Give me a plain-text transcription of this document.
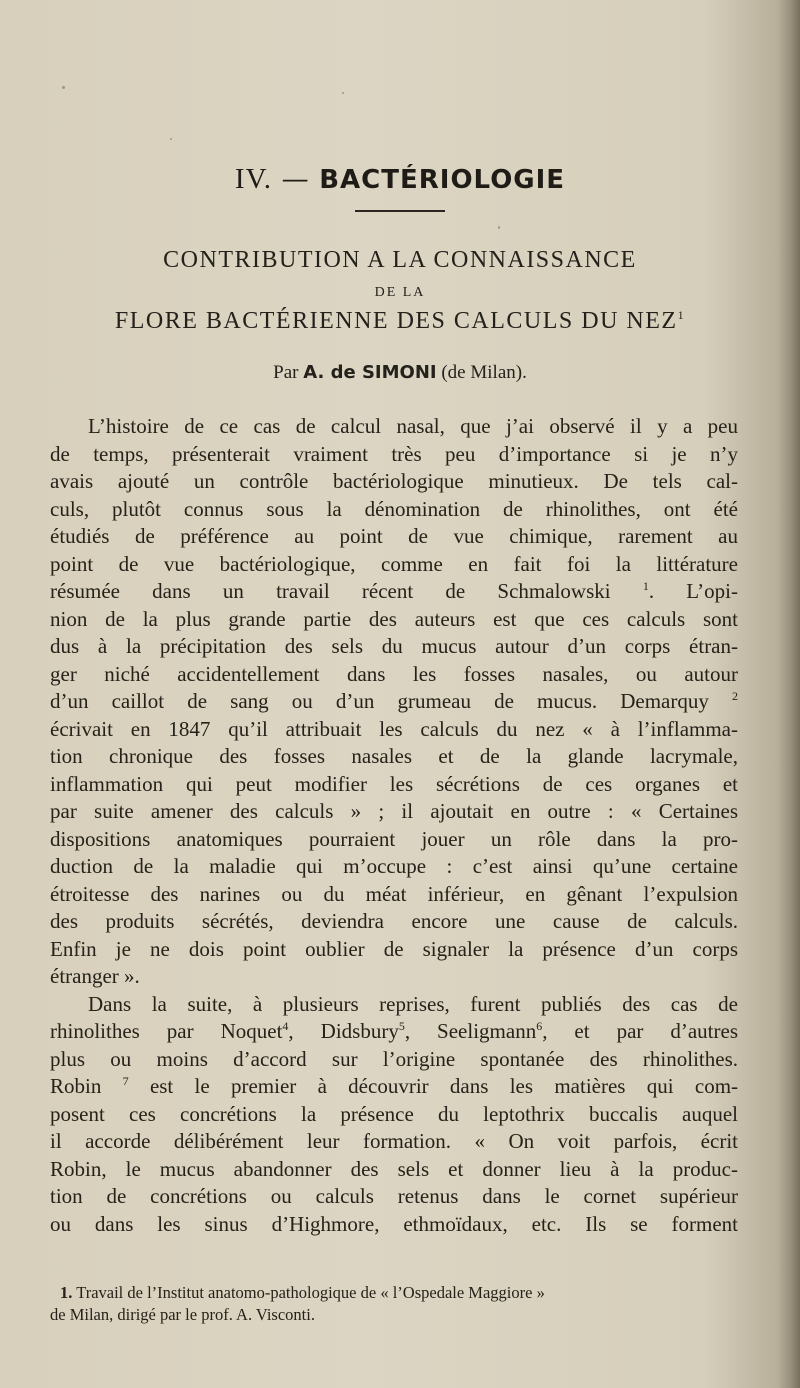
IV. — BACTÉRIOLOGIE
CONTRIBUTION A LA CONNAISSANCE
DE LA
FLORE BACTÉRIENNE DES CALCULS DU NEZ$^1$
Par A. de SIMONI (de Milan).
L’histoire de ce cas de calcul nasal, que j’ai observé il y a peu
de temps, présenterait vraiment très peu d’importance si je n’y
avais ajouté un contrôle bactériologique minutieux. De tels cal-
culs, plutôt connus sous la dénomination de rhinolithes, ont été
étudiés de préférence au point de vue chimique, rarement au
point de vue bactériologique, comme en fait foi la littérature
résumée dans un travail récent de Schmalowski	$^1$. L’opi-
nion de la plus grande partie des auteurs est que ces calculs sont
dus à la précipitation des sels du mucus autour d’un corps étran-
ger niché accidentellement dans les fosses nasales, ou autour
d’un caillot de sang ou d’un grumeau de mucus. Demarquy $^2$
écrivait en 1847 qu’il attribuait les calculs du nez « à l’inflamma-
tion chronique des fosses nasales et de la glande lacrymale,
inflammation qui peut modifier les sécrétions de ces organes et
par suite amener des calculs » ; il ajoutait en outre : « Certaines
dispositions anatomiques pourraient jouer un rôle dans la pro-
duction de la maladie qui m’occupe : c’est ainsi qu’une certaine
étroitesse des narines ou du méat inférieur, en gênant l’expulsion
des produits sécrétés, deviendra encore une cause de calculs.
Enfin je ne dois point oublier de signaler la présence d’un corps
étranger ».
Dans la suite, à plusieurs reprises, furent publiés des cas de
rhinolithes par Noquet$^4$, Didsbury$^5$, Seeligmann$^6$, et par d’autres
plus ou moins d’accord sur l’origine spontanée des rhinolithes.
Robin $^7$ est le premier à découvrir dans les matières qui com-
posent ces concrétions la présence du leptothrix buccalis auquel
il accorde délibérément leur formation. « On voit parfois, écrit
Robin, le mucus abandonner des sels et donner lieu à la produc-
tion de concrétions ou calculs retenus dans le cornet supérieur
ou dans les sinus d’Highmore, ethmoïdaux, etc. Ils se forment
1. Travail de l’Institut anatomo-pathologique de « l’Ospedale Maggiore »
de Milan, dirigé par le prof. A. Visconti.
